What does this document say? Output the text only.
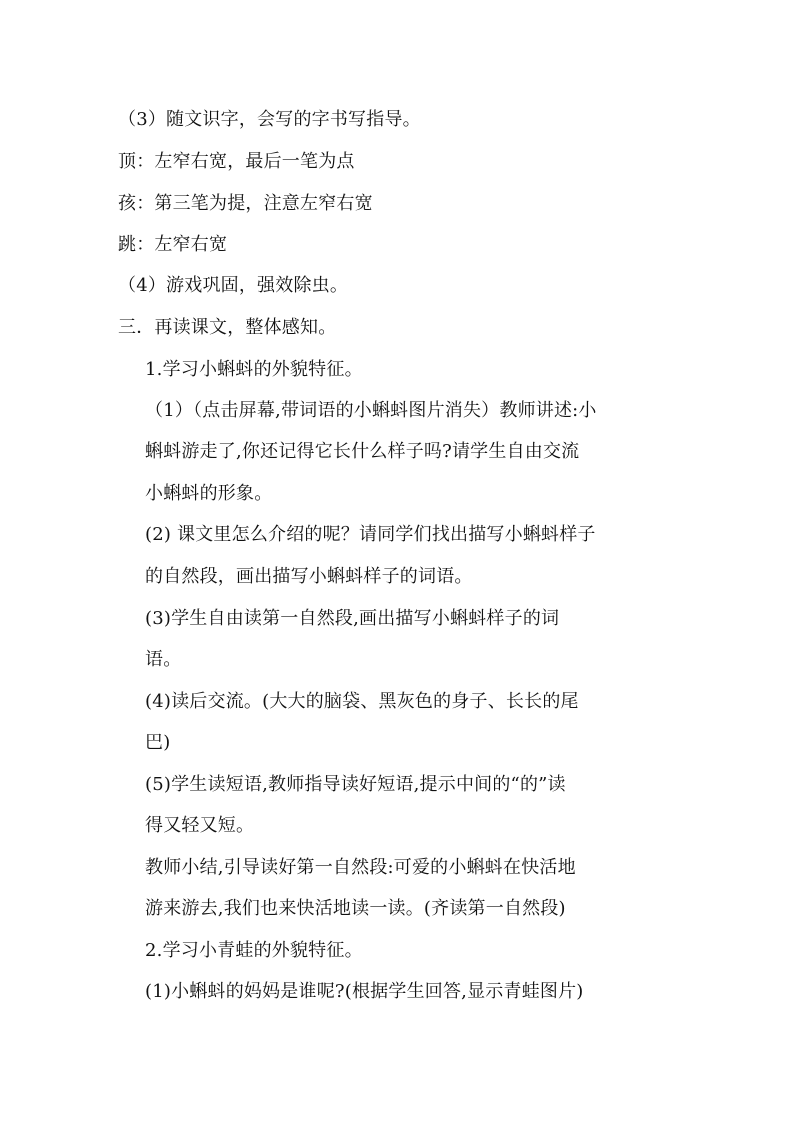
（3）随文识字，会写的字书写指导。
顶：左窄右宽，最后一笔为点
孩：第三笔为提，注意左窄右宽
跳：左窄右宽
（4）游戏巩固，强效除虫。
三．再读课文，整体感知。
1.学习小蝌蚪的外貌特征。
（1）（点击屏幕,带词语的小蝌蚪图片消失）教师讲述:小
蝌蚪游走了,你还记得它长什么样子吗?请学生自由交流
小蝌蚪的形象。
(2) 课文里怎么介绍的呢？请同学们找出描写小蝌蚪样子
的自然段，画出描写小蝌蚪样子的词语。
(3)学生自由读第一自然段,画出描写小蝌蚪样子的词
语。
(4)读后交流。(大大的脑袋、黑灰色的身子、长长的尾
巴)
(5)学生读短语,教师指导读好短语,提示中间的“的”读
得又轻又短。
教师小结,引导读好第一自然段:可爱的小蝌蚪在快活地
游来游去,我们也来快活地读一读。(齐读第一自然段)
2.学习小青蛙的外貌特征。
(1)小蝌蚪的妈妈是谁呢?(根据学生回答,显示青蛙图片)
